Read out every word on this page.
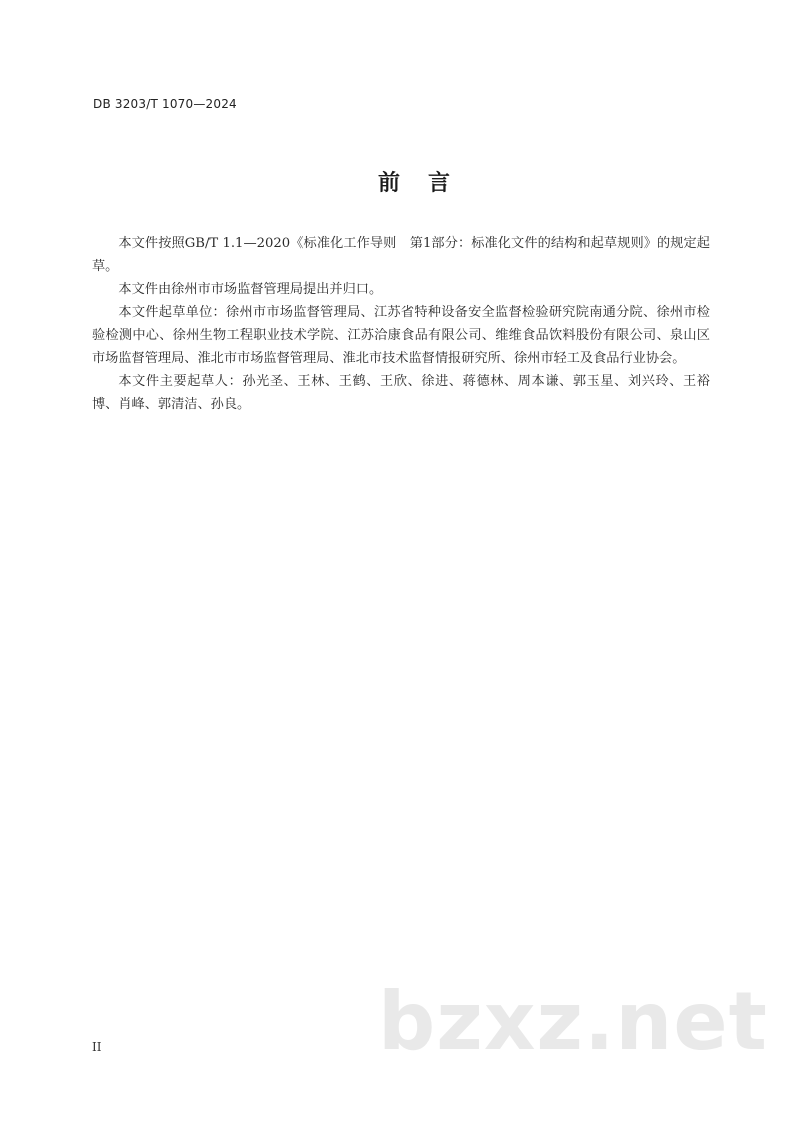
DB 3203/T 1070—2024
前言

本文件按照GB/T 1.1—2020《标准化工作导则　第1部分：标准化文件的结构和起草规则》的规定起草。

本文件由徐州市市场监督管理局提出并归口。

本文件起草单位：徐州市市场监督管理局、江苏省特种设备安全监督检验研究院南通分院、徐州市检验检测中心、徐州生物工程职业技术学院、江苏洽康食品有限公司、维维食品饮料股份有限公司、泉山区市场监督管理局、淮北市市场监督管理局、淮北市技术监督情报研究所、徐州市轻工及食品行业协会。

本文件主要起草人：孙光圣、王林、王鹤、王欣、徐进、蒋德林、周本谦、郭玉星、刘兴玲、王裕博、肖峰、郭清洁、孙良。

bzxz.net
II
